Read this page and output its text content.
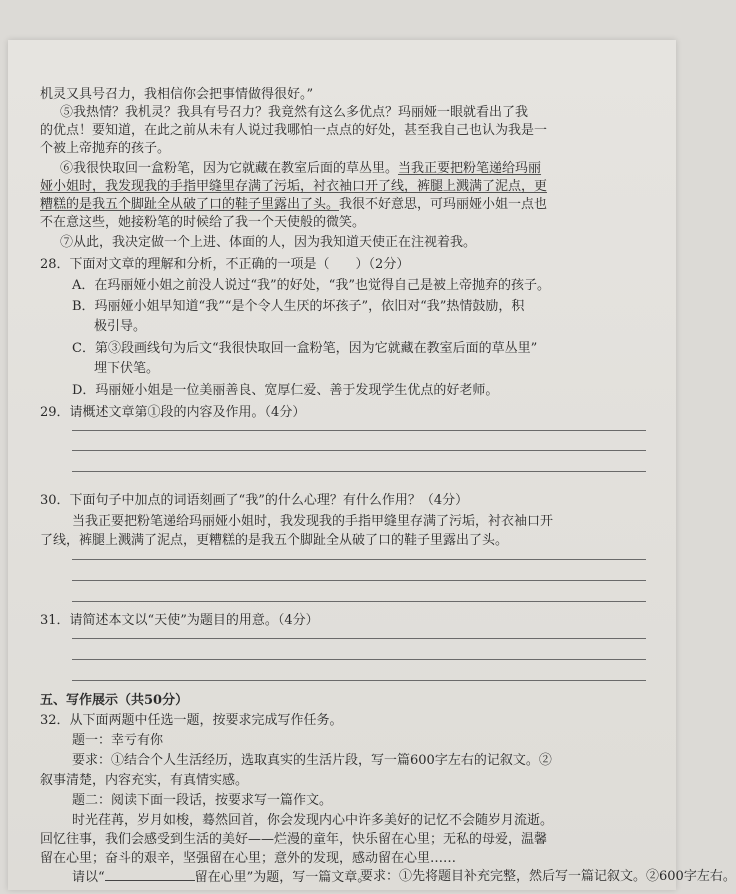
机灵又具号召力，我相信你会把事情做得很好。”
⑤我热情？我机灵？我具有号召力？我竟然有这么多优点？玛丽娅一眼就看出了我
的优点！要知道，在此之前从未有人说过我哪怕一点点的好处，甚至我自己也认为我是一
个被上帝抛弃的孩子。
⑥我很快取回一盒粉笔，因为它就藏在教室后面的草丛里。当我正要把粉笔递给玛丽
娅小姐时，我发现我的手指甲缝里存满了污垢，衬衣袖口开了线，裤腿上溅满了泥点，更
糟糕的是我五个脚趾全从破了口的鞋子里露出了头。我很不好意思，可玛丽娅小姐一点也
不在意这些，她接粉笔的时候给了我一个天使般的微笑。
⑦从此，我决定做一个上进、体面的人，因为我知道天使正在注视着我。
28．下面对文章的理解和分析，不正确的一项是（　　）（2分）
A．在玛丽娅小姐之前没人说过“我”的好处，“我”也觉得自己是被上帝抛弃的孩子。
B．玛丽娅小姐早知道“我”“是个令人生厌的坏孩子”，依旧对“我”热情鼓励，积
极引导。
C．第③段画线句为后文“我很快取回一盒粉笔，因为它就藏在教室后面的草丛里”
埋下伏笔。
D．玛丽娅小姐是一位美丽善良、宽厚仁爱、善于发现学生优点的好老师。
29．请概述文章第①段的内容及作用。（4分）
30．下面句子中加点的词语刻画了“我”的什么心理？有什么作用？（4分）
当我正要把粉笔递给玛丽娅小姐时，我发现我的手指甲缝里存满了污垢，衬衣袖口开
了线，裤腿上溅满了泥点，更糟糕的是我五个脚趾全从破了口的鞋子里露出了头。
31．请简述本文以“天使”为题目的用意。（4分）
五、写作展示（共50分）
32．从下面两题中任选一题，按要求完成写作任务。
题一：幸亏有你
要求：①结合个人生活经历，选取真实的生活片段，写一篇600字左右的记叙文。②
叙事清楚，内容充实，有真情实感。
题二：阅读下面一段话，按要求写一篇作文。
时光荏苒，岁月如梭，蓦然回首，你会发现内心中许多美好的记忆不会随岁月流逝。
回忆往事，我们会感受到生活的美好——烂漫的童年，快乐留在心里；无私的母爱，温馨
留在心里；奋斗的艰辛，坚强留在心里；意外的发现，感动留在心里……
请以“	留在心里”为题，写一篇文章。
要求：①先将题目补充完整，然后写一篇记叙文。②600字左右。
